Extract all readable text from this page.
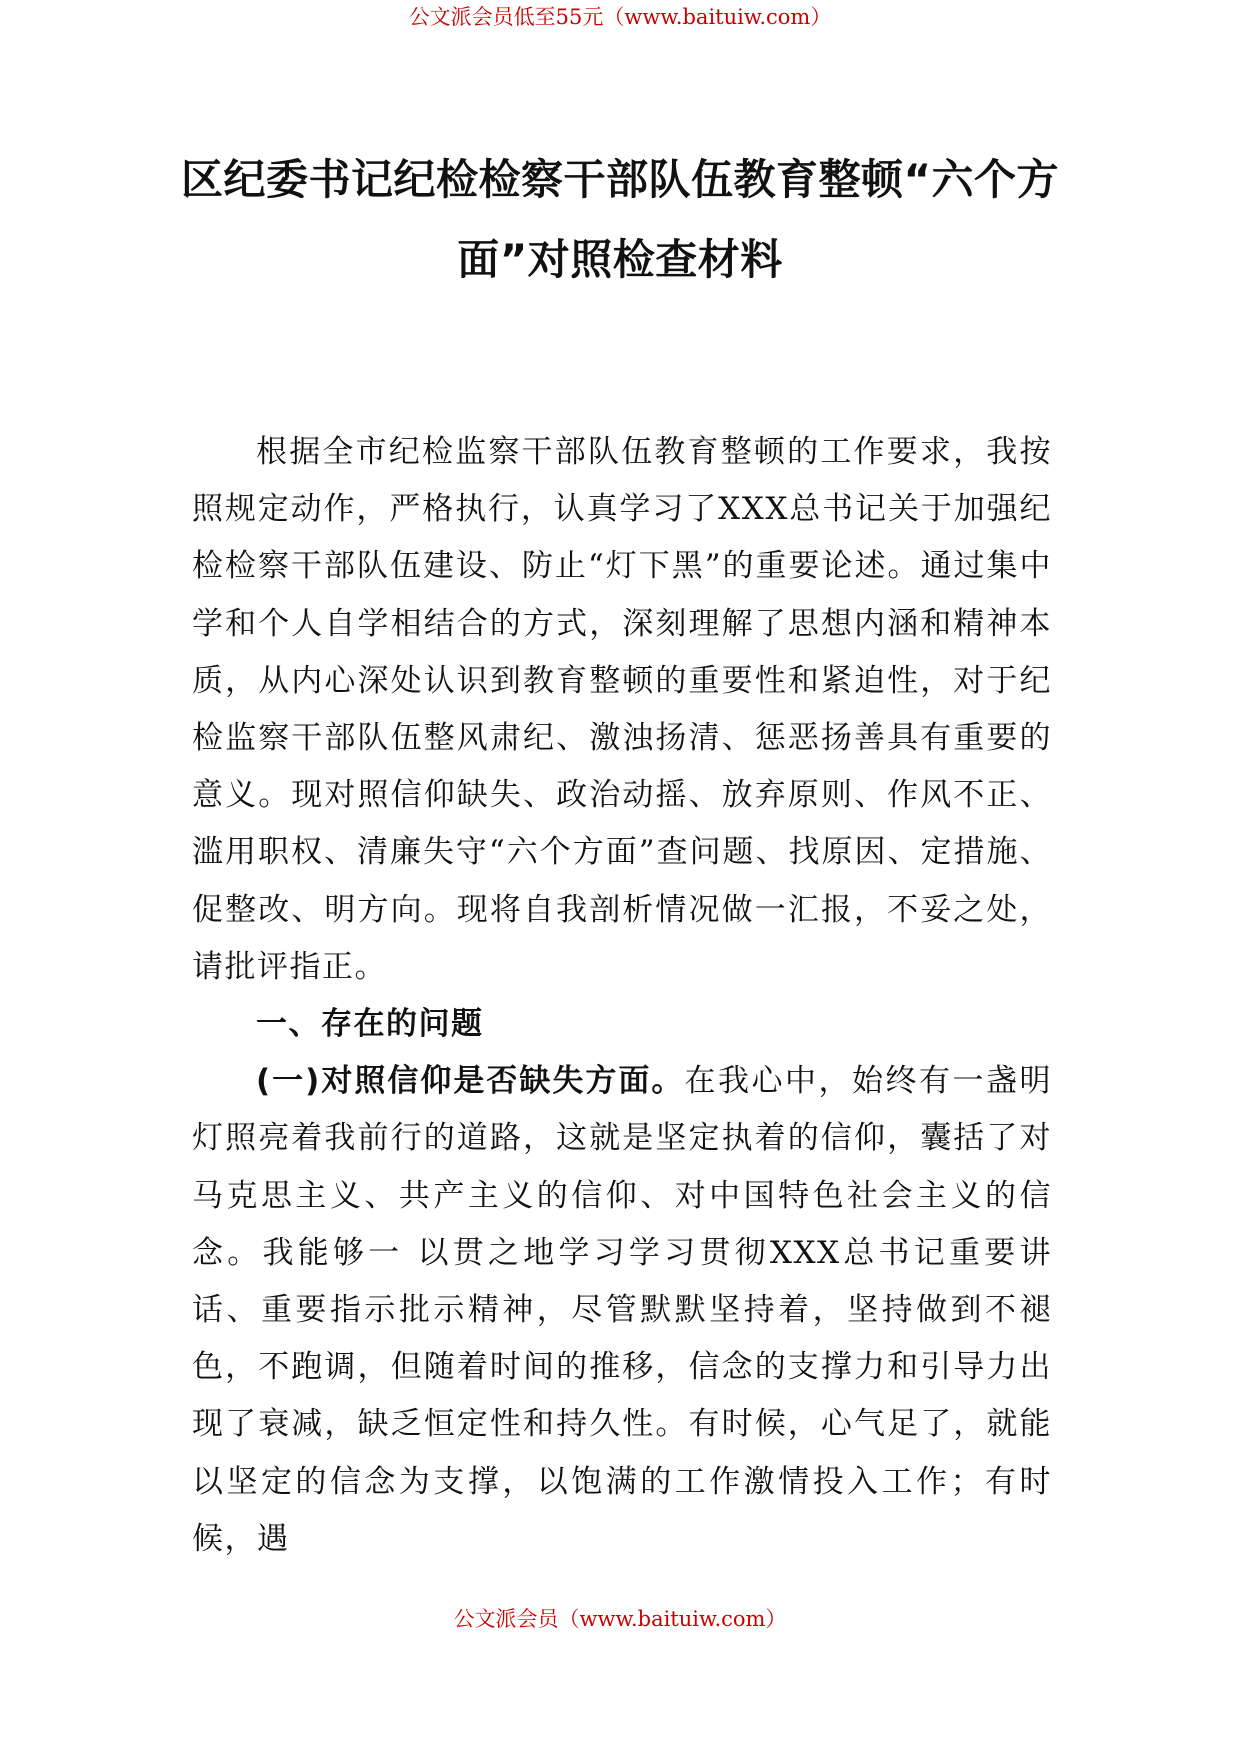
公文派会员低至55元（www.baituiw.com）
区纪委书记纪检检察干部队伍教育整顿“六个方面”对照检查材料

根据全市纪检监察干部队伍教育整顿的工作要求，我按照规定动作，严格执行，认真学习了XXX总书记关于加强纪检检察干部队伍建设、防止“灯下黑”的重要论述。通过集中学和个人自学相结合的方式，深刻理解了思想内涵和精神本质，从内心深处认识到教育整顿的重要性和紧迫性，对于纪检监察干部队伍整风肃纪、激浊扬清、惩恶扬善具有重要的意义。现对照信仰缺失、政治动摇、放弃原则、作风不正、滥用职权、清廉失守“六个方面”查问题、找原因、定措施、促整改、明方向。现将自我剖析情况做一汇报，不妥之处，请批评指正。

一、存在的问题

(一)对照信仰是否缺失方面。在我心中，始终有一盏明灯照亮着我前行的道路，这就是坚定执着的信仰，囊括了对马克思主义、共产主义的信仰、对中国特色社会主义的信念。我能够一 以贯之地学习学习贯彻XXX总书记重要讲话、重要指示批示精神，尽管默默坚持着，坚持做到不褪色，不跑调，但随着时间的推移，信念的支撑力和引导力出现了衰减，缺乏恒定性和持久性。有时候，心气足了，就能以坚定的信念为支撑，以饱满的工作激情投入工作；有时候，遇

公文派会员（www.baituiw.com）
